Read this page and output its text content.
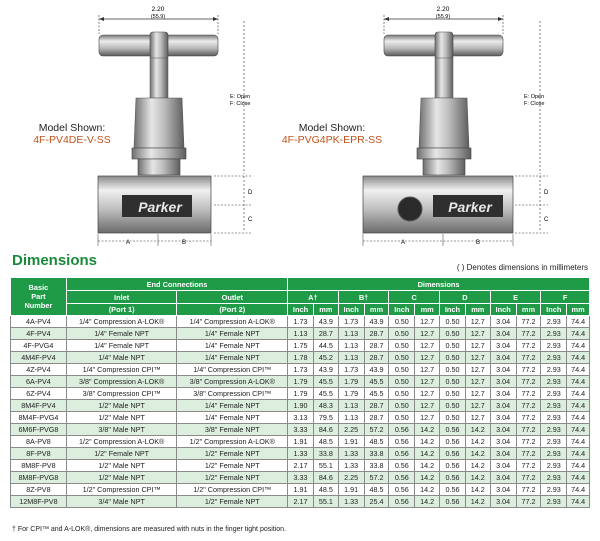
2.20
(55.9)
Parker
D
C
E: Open
F: Close
A	B
2.20
(55.9)
Parker
D
C
E: Open
F: Close
A	B
Model Shown:
4F-PV4DE-V-SS
Model Shown:
4F-PVG4PK-EPR-SS
Dimensions	( ) Denotes dimensions in millimeters
Basic
Part
Number	End Connections		Dimensions											
	Inlet	Outlet	A†		B†		C		D		E		F	
	(Port 1)	(Port 2)	Inch	mm	Inch	mm	Inch	mm	Inch	mm	Inch	mm	Inch	mm
4A-PV4	1/4" Compression A-LOK®	1/4" Compression A-LOK®	1.73	43.9	1.73	43.9	0.50	12.7	0.50	12.7	3.04	77.2	2.93	74.4
4F-PV4	1/4" Female NPT	1/4" Female NPT	1.13	28.7	1.13	28.7	0.50	12.7	0.50	12.7	3.04	77.2	2.93	74.4
4F-PVG4	1/4" Female NPT	1/4" Female NPT	1.75	44.5	1.13	28.7	0.50	12.7	0.50	12.7	3.04	77.2	2.93	74.4
4M4F-PV4	1/4" Male NPT	1/4" Female NPT	1.78	45.2	1.13	28.7	0.50	12.7	0.50	12.7	3.04	77.2	2.93	74.4
4Z-PV4	1/4" Compression CPI™	1/4" Compression CPI™	1.73	43.9	1.73	43.9	0.50	12.7	0.50	12.7	3.04	77.2	2.93	74.4
6A-PV4	3/8" Compression A-LOK®	3/8" Compression A-LOK®	1.79	45.5	1.79	45.5	0.50	12.7	0.50	12.7	3.04	77.2	2.93	74.4
6Z-PV4	3/8" Compression CPI™	3/8" Compression CPI™	1.79	45.5	1.79	45.5	0.50	12.7	0.50	12.7	3.04	77.2	2.93	74.4
8M4F-PV4	1/2" Male NPT	1/4" Female NPT	1.90	48.3	1.13	28.7	0.50	12.7	0.50	12.7	3.04	77.2	2.93	74.4
8M4F-PVG4	1/2" Male NPT	1/4" Female NPT	3.13	79.5	1.13	28.7	0.50	12.7	0.50	12.7	3.04	77.2	2.93	74.4
6M6F-PVG8	3/8" Male NPT	3/8" Female NPT	3.33	84.6	2.25	57.2	0.56	14.2	0.56	14.2	3.04	77.2	2.93	74.4
8A-PV8	1/2" Compression A-LOK®	1/2" Compression A-LOK®	1.91	48.5	1.91	48.5	0.56	14.2	0.56	14.2	3.04	77.2	2.93	74.4
8F-PV8	1/2" Female NPT	1/2" Female NPT	1.33	33.8	1.33	33.8	0.56	14.2	0.56	14.2	3.04	77.2	2.93	74.4
8M8F-PV8	1/2" Male NPT	1/2" Female NPT	2.17	55.1	1.33	33.8	0.56	14.2	0.56	14.2	3.04	77.2	2.93	74.4
8M8F-PVG8	1/2" Male NPT	1/2" Female NPT	3.33	84.6	2.25	57.2	0.56	14.2	0.56	14.2	3.04	77.2	2.93	74.4
8Z-PV8	1/2" Compression CPI™	1/2" Compression CPI™	1.91	48.5	1.91	48.5	0.56	14.2	0.56	14.2	3.04	77.2	2.93	74.4
12M8F-PV8	3/4" Male NPT	1/2" Female NPT	2.17	55.1	1.33	25.4	0.56	14.2	0.56	14.2	3.04	77.2	2.93	74.4
† For CPI™ and A-LOK®, dimensions are measured with nuts in the finger tight position.
